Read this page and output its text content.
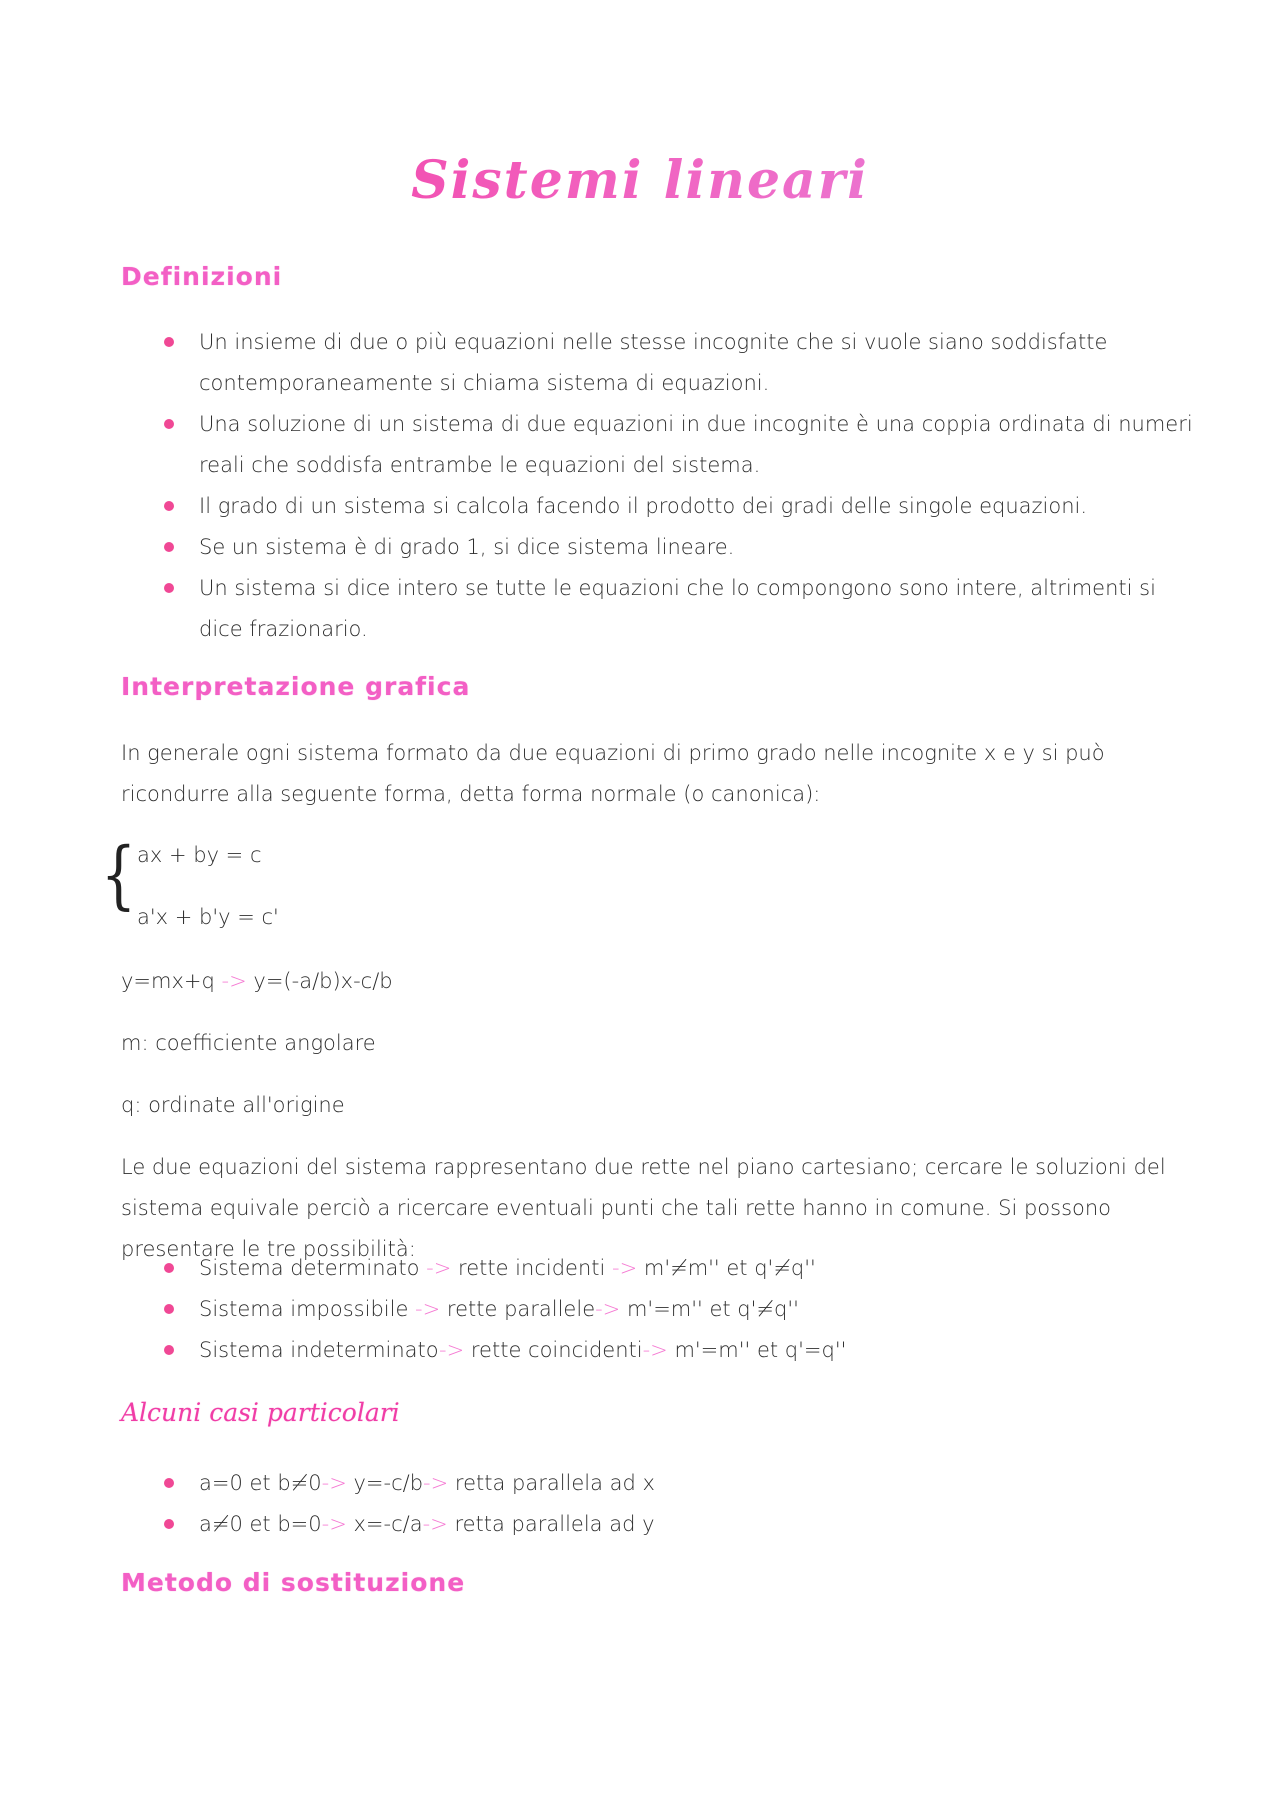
Sistemi lineari
Definizioni
Un insieme di due o più equazioni nelle stesse incognite che si vuole siano soddisfatte contemporaneamente si chiama sistema di equazioni.
Una soluzione di un sistema di due equazioni in due incognite è una coppia ordinata di numeri reali che soddisfa entrambe le equazioni del sistema.
Il grado di un sistema si calcola facendo il prodotto dei gradi delle singole equazioni.
Se un sistema è di grado 1, si dice sistema lineare.
Un sistema si dice intero se tutte le equazioni che lo compongono sono intere, altrimenti si dice frazionario.
Interpretazione grafica
In generale ogni sistema formato da due equazioni di primo grado nelle incognite x e y si può ricondurre alla seguente forma, detta forma normale (o canonica):
{ ax + by = c
a'x + b'y = c'
y=mx+q -> y=(-a/b)x-c/b
m: coefficiente angolare
q: ordinate all'origine
Le due equazioni del sistema rappresentano due rette nel piano cartesiano; cercare le soluzioni del sistema equivale perciò a ricercare eventuali punti che tali rette hanno in comune. Si possono presentare le tre possibilità:
Sistema determinato -> rette incidenti -> m'≠m'' et q'≠q''
Sistema impossibile -> rette parallele-> m'=m'' et q'≠q''
Sistema indeterminato-> rette coincidenti-> m'=m'' et q'=q''
Alcuni casi particolari
a=0 et b≠0-> y=-c/b-> retta parallela ad x
a≠0 et b=0-> x=-c/a-> retta parallela ad y
Metodo di sostituzione
